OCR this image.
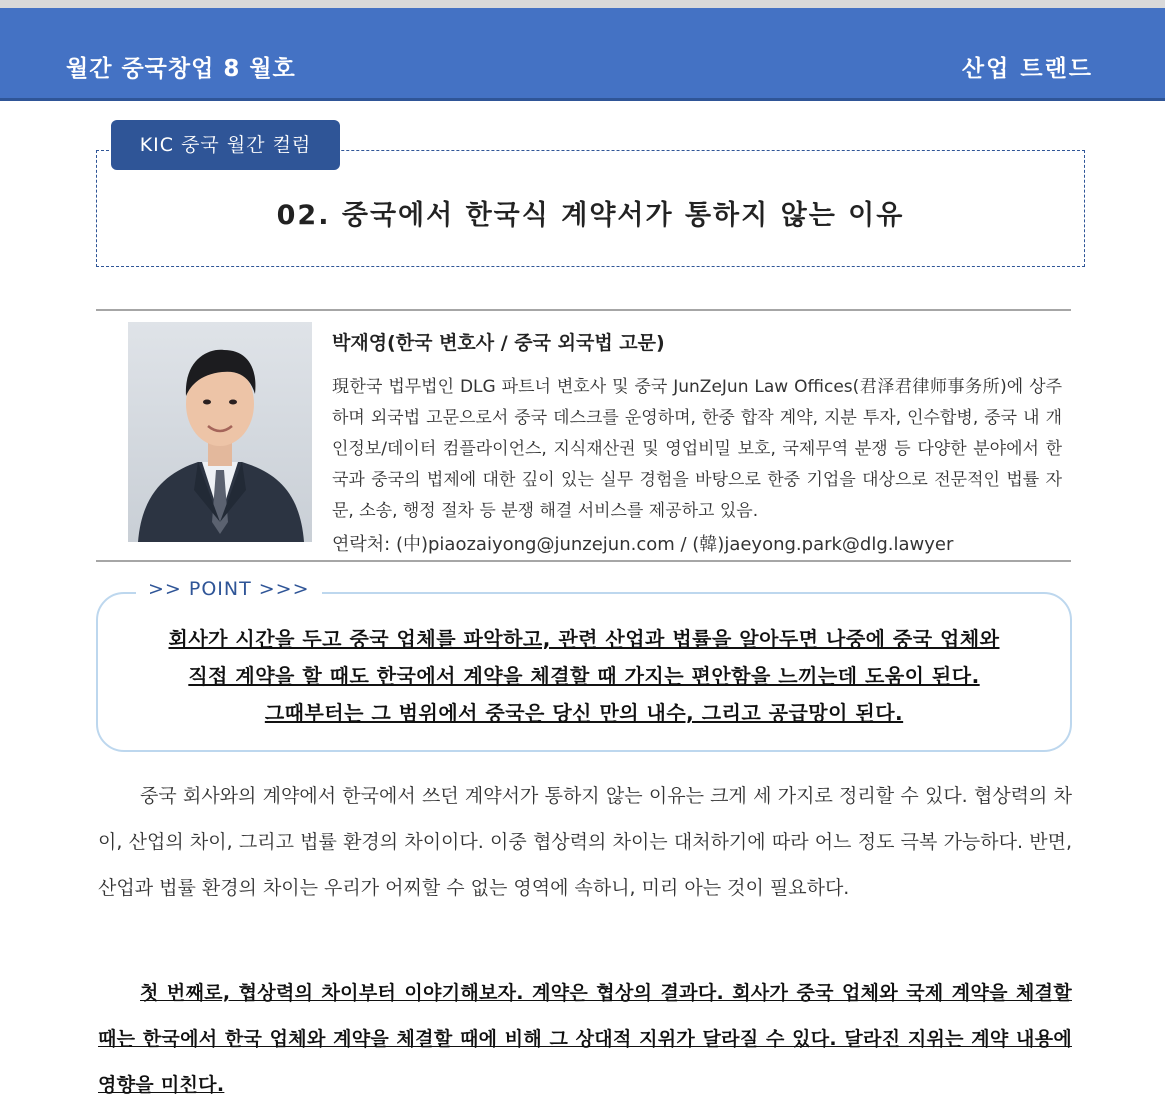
월간 중국창업 8 월호	산업 트랜드
KIC 중국 월간 컬럼
02. 중국에서 한국식 계약서가 통하지 않는 이유
박재영(한국 변호사 / 중국 외국법 고문)
現한국 법무법인 DLG 파트너 변호사 및 중국 JunZeJun Law Offices(君泽君律师事务所)에 상주하며 외국법 고문으로서 중국 데스크를 운영하며, 한중 합작 계약, 지분 투자, 인수합병, 중국 내 개인정보/데이터 컴플라이언스, 지식재산권 및 영업비밀 보호, 국제무역 분쟁 등 다양한 분야에서 한국과 중국의 법제에 대한 깊이 있는 실무 경험을 바탕으로 한중 기업을 대상으로 전문적인 법률 자문, 소송, 행정 절차 등 분쟁 해결 서비스를 제공하고 있음.
연락처: (中)piaozaiyong@junzejun.com / (韓)jaeyong.park@dlg.lawyer
>> POINT >>>
회사가 시간을 두고 중국 업체를 파악하고, 관련 산업과 법률을 알아두면 나중에 중국 업체와
직접 계약을 할 때도 한국에서 계약을 체결할 때 가지는 편안함을 느끼는데 도움이 된다.
그때부터는 그 범위에서 중국은 당신 만의 내수, 그리고 공급망이 된다.
중국 회사와의 계약에서 한국에서 쓰던 계약서가 통하지 않는 이유는 크게 세 가지로 정리할 수 있다. 협상력의 차이, 산업의 차이, 그리고 법률 환경의 차이이다. 이중 협상력의 차이는 대처하기에 따라 어느 정도 극복 가능하다. 반면, 산업과 법률 환경의 차이는 우리가 어찌할 수 없는 영역에 속하니, 미리 아는 것이 필요하다.
첫 번째로, 협상력의 차이부터 이야기해보자. 계약은 협상의 결과다. 회사가 중국 업체와 국제 계약을 체결할 때는 한국에서 한국 업체와 계약을 체결할 때에 비해 그 상대적 지위가 달라질 수 있다. 달라진 지위는 계약 내용에 영향을 미친다.
